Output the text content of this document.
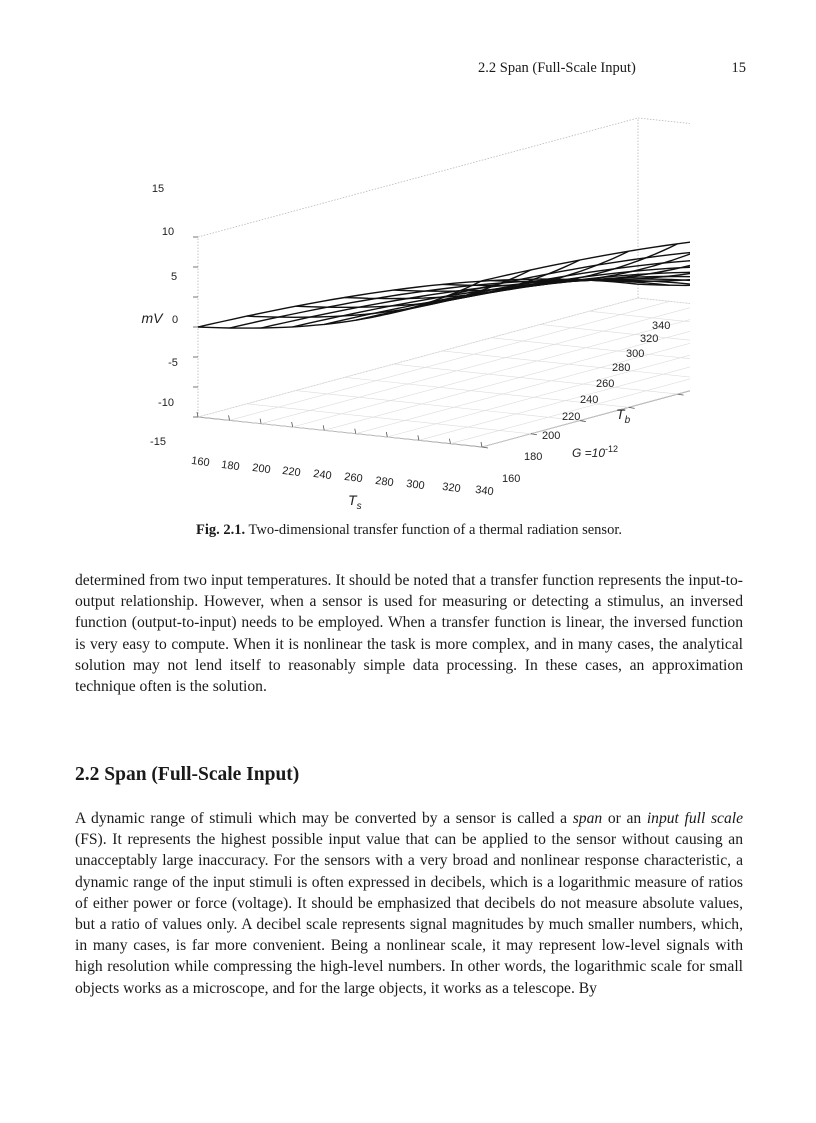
2.2 Span (Full-Scale Input)	15
15
10
5
0
-5
-10
-15
mV
160 180 200 220 240 260 280 300 320 340
$T_s$
160
180
200
220
240
260
280
300
320
340
$T_b$
$G =10^{-12}$
Fig. 2.1. Two-dimensional transfer function of a thermal radiation sensor.

determined from two input temperatures. It should be noted that a transfer function represents the input-to-output relationship. However, when a sensor is used for measuring or detecting a stimulus, an inversed function (output-to-input) needs to be employed. When a transfer function is linear, the inversed function is very easy to compute. When it is nonlinear the task is more complex, and in many cases, the analytical solution may not lend itself to reasonably simple data processing. In these cases, an approximation technique often is the solution.

2.2 Span (Full-Scale Input)

A dynamic range of stimuli which may be converted by a sensor is called a span or an input full scale (FS). It represents the highest possible input value that can be applied to the sensor without causing an unacceptably large inaccuracy. For the sensors with a very broad and nonlinear response characteristic, a dynamic range of the input stimuli is often expressed in decibels, which is a logarithmic measure of ratios of either power or force (voltage). It should be emphasized that decibels do not measure absolute values, but a ratio of values only. A decibel scale represents signal magnitudes by much smaller numbers, which, in many cases, is far more convenient. Being a nonlinear scale, it may represent low-level signals with high resolution while compressing the high-level numbers. In other words, the logarithmic scale for small objects works as a microscope, and for the large objects, it works as a telescope. By
